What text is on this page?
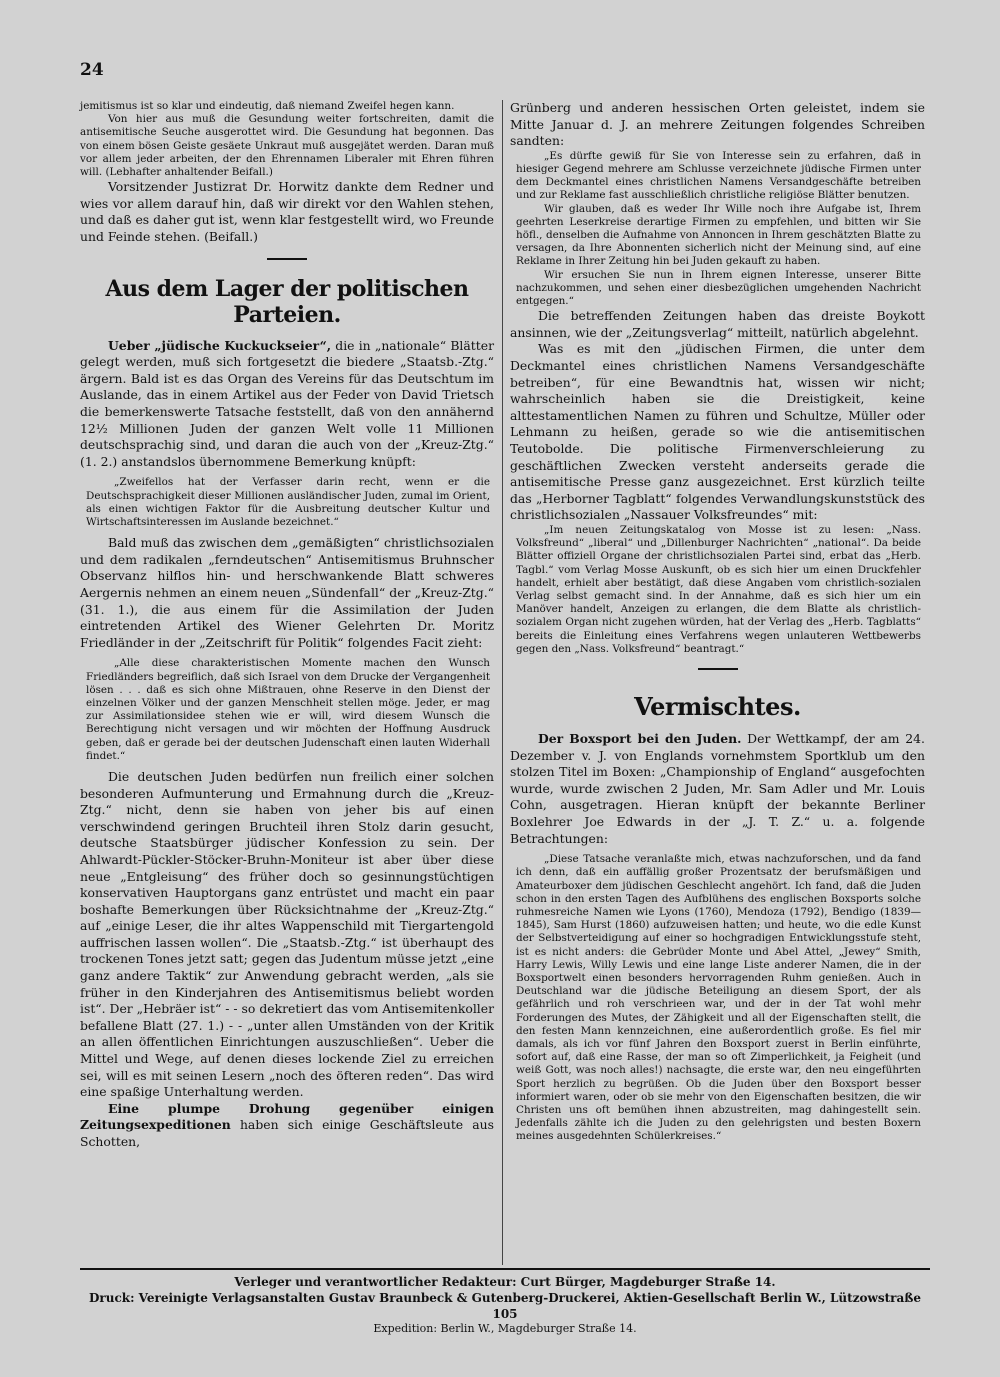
24

jemitismus ist so klar und eindeutig, daß niemand Zweifel hegen kann.

Von hier aus muß die Gesundung weiter fortschreiten, damit die antisemitische Seuche ausgerottet wird. Die Gesundung hat begonnen. Das von einem bösen Geiste gesäete Unkraut muß ausgejätet werden. Daran muß vor allem jeder arbeiten, der den Ehrennamen Liberaler mit Ehren führen will. (Lebhafter anhaltender Beifall.)

Vorsitzender Justizrat Dr. Horwitz dankte dem Redner und wies vor allem darauf hin, daß wir direkt vor den Wahlen stehen, und daß es daher gut ist, wenn klar festgestellt wird, wo Freunde und Feinde stehen. (Beifall.)

Aus dem Lager der politischen Parteien.

Ueber „jüdische Kuckuckseier“, die in „nationale“ Blätter gelegt werden, muß sich fortgesetzt die biedere „Staatsb.-Ztg.“ ärgern. Bald ist es das Organ des Vereins für das Deutschtum im Auslande, das in einem Artikel aus der Feder von David Trietsch die bemerkenswerte Tatsache feststellt, daß von den annähernd 12½ Millionen Juden der ganzen Welt volle 11 Millionen deutschsprachig sind, und daran die auch von der „Kreuz-Ztg.“ (1. 2.) anstandslos übernommene Bemerkung knüpft:

„Zweifellos hat der Verfasser darin recht, wenn er die Deutschsprachigkeit dieser Millionen ausländischer Juden, zumal im Orient, als einen wichtigen Faktor für die Ausbreitung deutscher Kultur und Wirtschaftsinteressen im Auslande bezeichnet.“

Bald muß das zwischen dem „gemäßigten“ christlichsozialen und dem radikalen „ferndeutschen“ Antisemitismus Bruhnscher Observanz hilflos hin- und herschwankende Blatt schweres Aergernis nehmen an einem neuen „Sündenfall“ der „Kreuz-Ztg.“ (31. 1.), die aus einem für die Assimilation der Juden eintretenden Artikel des Wiener Gelehrten Dr. Moritz Friedländer in der „Zeitschrift für Politik“ folgendes Facit zieht:

„Alle diese charakteristischen Momente machen den Wunsch Friedländers begreiflich, daß sich Israel von dem Drucke der Vergangenheit lösen . . . daß es sich ohne Mißtrauen, ohne Reserve in den Dienst der einzelnen Völker und der ganzen Menschheit stellen möge. Jeder, er mag zur Assimilationsidee stehen wie er will, wird diesem Wunsch die Berechtigung nicht versagen und wir möchten der Hoffnung Ausdruck geben, daß er gerade bei der deutschen Judenschaft einen lauten Widerhall findet.“

Die deutschen Juden bedürfen nun freilich einer solchen besonderen Aufmunterung und Ermahnung durch die „Kreuz-Ztg.“ nicht, denn sie haben von jeher bis auf einen verschwindend geringen Bruchteil ihren Stolz darin gesucht, deutsche Staatsbürger jüdischer Konfession zu sein. Der Ahlwardt-Pückler-Stöcker-Bruhn-Moniteur ist aber über diese neue „Entgleisung“ des früher doch so gesinnungstüchtigen konservativen Hauptorgans ganz entrüstet und macht ein paar boshafte Bemerkungen über Rücksichtnahme der „Kreuz-Ztg.“ auf „einige Leser, die ihr altes Wappenschild mit Tiergartengold auffrischen lassen wollen“. Die „Staatsb.-Ztg.“ ist überhaupt des trockenen Tones jetzt satt; gegen das Judentum müsse jetzt „eine ganz andere Taktik“ zur Anwendung gebracht werden, „als sie früher in den Kinderjahren des Antisemitismus beliebt worden ist“. Der „Hebräer ist“ - - so dekretiert das vom Antisemitenkoller befallene Blatt (27. 1.) - - „unter allen Umständen von der Kritik an allen öffentlichen Einrichtungen auszuschließen“. Ueber die Mittel und Wege, auf denen dieses lockende Ziel zu erreichen sei, will es mit seinen Lesern „noch des öfteren reden“. Das wird eine spaßige Unterhaltung werden.

Eine plumpe Drohung gegenüber einigen Zeitungsexpeditionen haben sich einige Geschäftsleute aus Schotten,

Grünberg und anderen hessischen Orten geleistet, indem sie Mitte Januar d. J. an mehrere Zeitungen folgendes Schreiben sandten:

„Es dürfte gewiß für Sie von Interesse sein zu erfahren, daß in hiesiger Gegend mehrere am Schlusse verzeichnete jüdische Firmen unter dem Deckmantel eines christlichen Namens Versandgeschäfte betreiben und zur Reklame fast ausschließlich christliche religiöse Blätter benutzen.

Wir glauben, daß es weder Ihr Wille noch ihre Aufgabe ist, Ihrem geehrten Leserkreise derartige Firmen zu empfehlen, und bitten wir Sie höfl., denselben die Aufnahme von Annoncen in Ihrem geschätzten Blatte zu versagen, da Ihre Abonnenten sicherlich nicht der Meinung sind, auf eine Reklame in Ihrer Zeitung hin bei Juden gekauft zu haben.

Wir ersuchen Sie nun in Ihrem eignen Interesse, unserer Bitte nachzukommen, und sehen einer diesbezüglichen umgehenden Nachricht entgegen.“

Die betreffenden Zeitungen haben das dreiste Boykott ansinnen, wie der „Zeitungsverlag“ mitteilt, natürlich abgelehnt.

Was es mit den „jüdischen Firmen, die unter dem Deckmantel eines christlichen Namens Versandgeschäfte betreiben“, für eine Bewandtnis hat, wissen wir nicht; wahrscheinlich haben sie die Dreistigkeit, keine alttestamentlichen Namen zu führen und Schultze, Müller oder Lehmann zu heißen, gerade so wie die antisemitischen Teutobolde. Die politische Firmenverschleierung zu geschäftlichen Zwecken versteht anderseits gerade die antisemitische Presse ganz ausgezeichnet. Erst kürzlich teilte das „Herborner Tagblatt“ folgendes Verwandlungskunststück des christlichsozialen „Nassauer Volksfreundes“ mit:

„Im neuen Zeitungskatalog von Mosse ist zu lesen: „Nass. Volksfreund“ „liberal“ und „Dillenburger Nachrichten“ „national“. Da beide Blätter offiziell Organe der christlichsozialen Partei sind, erbat das „Herb. Tagbl.“ vom Verlag Mosse Auskunft, ob es sich hier um einen Druckfehler handelt, erhielt aber bestätigt, daß diese Angaben vom christlich-sozialen Verlag selbst gemacht sind. In der Annahme, daß es sich hier um ein Manöver handelt, Anzeigen zu erlangen, die dem Blatte als christlich-sozialem Organ nicht zugehen würden, hat der Verlag des „Herb. Tagblatts“ bereits die Einleitung eines Verfahrens wegen unlauteren Wettbewerbs gegen den „Nass. Volksfreund“ beantragt.“

Vermischtes.

Der Boxsport bei den Juden. Der Wettkampf, der am 24. Dezember v. J. von Englands vornehmstem Sportklub um den stolzen Titel im Boxen: „Championship of England“ ausgefochten wurde, wurde zwischen 2 Juden, Mr. Sam Adler und Mr. Louis Cohn, ausgetragen. Hieran knüpft der bekannte Berliner Boxlehrer Joe Edwards in der „J. T. Z.“ u. a. folgende Betrachtungen:

„Diese Tatsache veranlaßte mich, etwas nachzuforschen, und da fand ich denn, daß ein auffällig großer Prozentsatz der berufsmäßigen und Amateurboxer dem jüdischen Geschlecht angehört. Ich fand, daß die Juden schon in den ersten Tagen des Aufblühens des englischen Boxsports solche ruhmesreiche Namen wie Lyons (1760), Mendoza (1792), Bendigo (1839—1845), Sam Hurst (1860) aufzuweisen hatten; und heute, wo die edle Kunst der Selbstverteidigung auf einer so hochgradigen Entwicklungsstufe steht, ist es nicht anders: die Gebrüder Monte und Abel Attel, „Jewey“ Smith, Harry Lewis, Willy Lewis und eine lange Liste anderer Namen, die in der Boxsportwelt einen besonders hervorragenden Ruhm genießen. Auch in Deutschland war die jüdische Beteiligung an diesem Sport, der als gefährlich und roh verschrieen war, und der in der Tat wohl mehr Forderungen des Mutes, der Zähigkeit und all der Eigenschaften stellt, die den festen Mann kennzeichnen, eine außerordentlich große. Es fiel mir damals, als ich vor fünf Jahren den Boxsport zuerst in Berlin einführte, sofort auf, daß eine Rasse, der man so oft Zimperlichkeit, ja Feigheit (und weiß Gott, was noch alles!) nachsagte, die erste war, den neu eingeführten Sport herzlich zu begrüßen. Ob die Juden über den Boxsport besser informiert waren, oder ob sie mehr von den Eigenschaften besitzen, die wir Christen uns oft bemühen ihnen abzustreiten, mag dahingestellt sein. Jedenfalls zählte ich die Juden zu den gelehrigsten und besten Boxern meines ausgedehnten Schülerkreises.“

Verleger und verantwortlicher Redakteur: Curt Bürger, Magdeburger Straße 14.
Druck: Vereinigte Verlagsanstalten Gustav Braunbeck & Gutenberg-Druckerei, Aktien-Gesellschaft Berlin W., Lützowstraße 105
Expedition: Berlin W., Magdeburger Straße 14.
